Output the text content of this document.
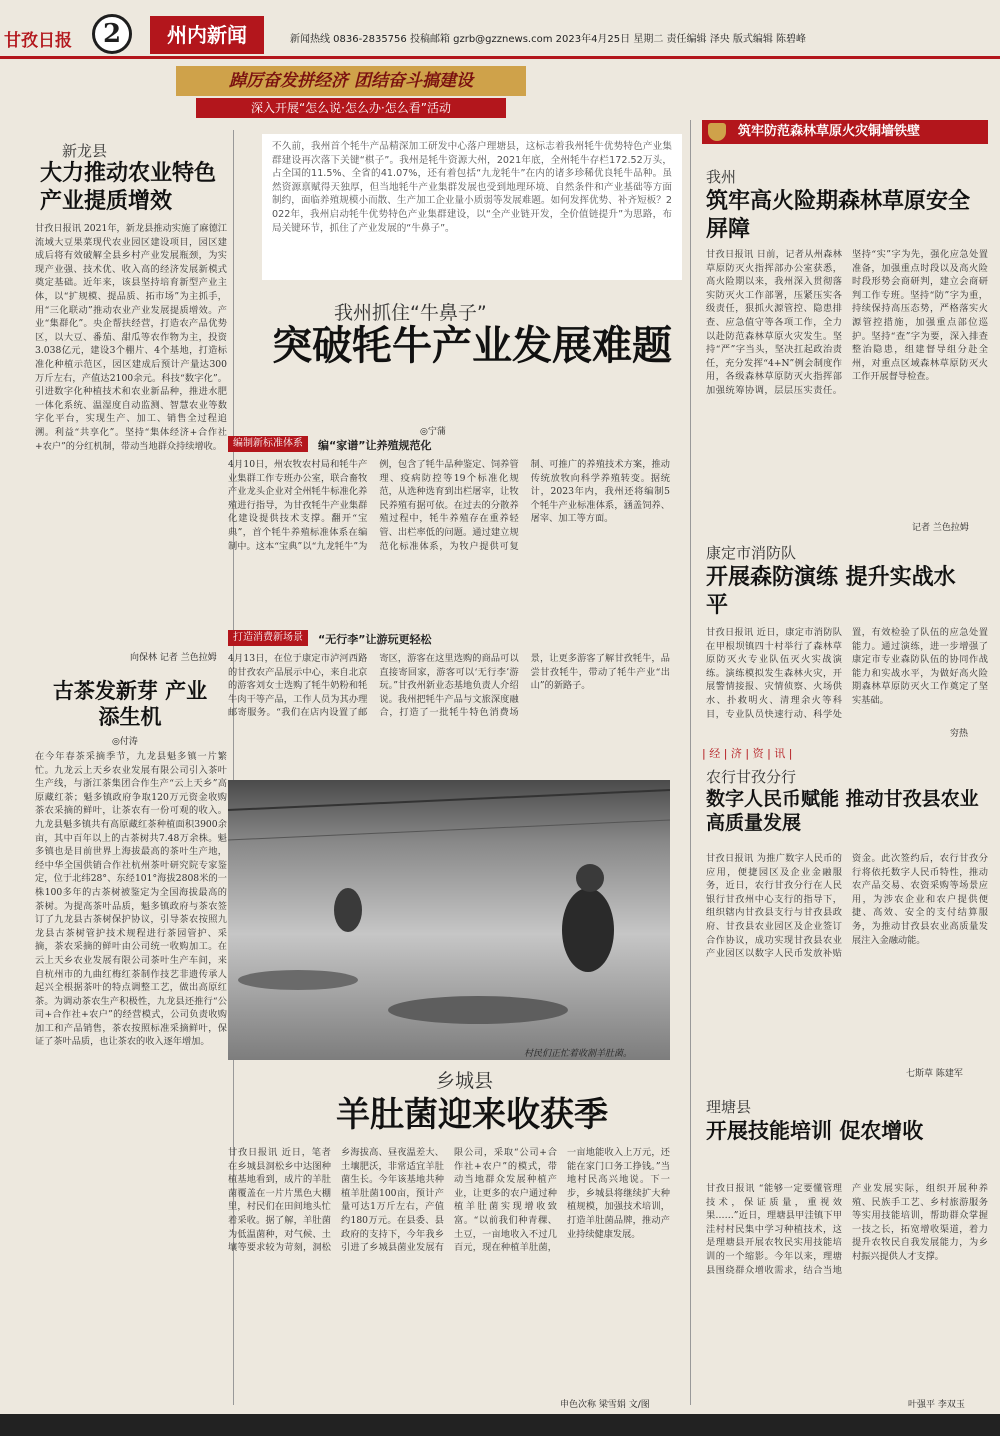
甘孜日报	2	州内新闻	新闻热线 0836-2835756 投稿邮箱 gzrb@gzznews.com 2023年4月25日 星期二 责任编辑 泽央 版式编辑 陈碧峰
踔厉奋发拼经济 团结奋斗搞建设
深入开展“怎么说·怎么办·怎么看”活动
新龙县
大力推动农业特色产业提质增效
甘孜日报讯 2021年，新龙县推动实施了麻德江流域大豆果菜现代农业园区建设项目，园区建成后将有效破解全县乡村产业发展瓶颈，为实现产业强、技术优、收入高的经济发展新模式奠定基础。近年来，该县坚持培育新型产业主体，以“扩规模、提品质、拓市场”为主抓手，用“三化联动”推动农业产业发展提质增效。产业“集群化”。央企帮扶经营，打造农产品优势区，以大豆、番茄、甜瓜等农作物为主，投资3.038亿元，建设3个棚片、4个基地，打造标准化种植示范区，园区建成后预计产量达300万斤左右，产值达2100余元。科技“数字化”。引进数字化种植技术和农业新品种，推进水肥一体化系统、温湿度自动监测、智慧农业等数字化平台，实现生产、加工、销售全过程追溯。利益“共享化”。坚持“集体经济+合作社+农户”的分红机制，带动当地群众持续增收。
向保林 记者 兰色拉姆
古茶发新芽 产业添生机
◎付涛
在今年春茶采摘季节，九龙县魁多镇一片繁忙。九龙云上天乡农业发展有限公司引入茶叶生产线，与浙江茶集团合作生产“云上天乡”高原藏红茶；魁多镇政府争取120万元资金收购茶农采摘的鲜叶，让茶农有一份可观的收入。九龙县魁多镇共有高原藏红茶种植面积3900余亩，其中百年以上的古茶树共7.48万余株。魁多镇也是目前世界上海拔最高的茶叶生产地，经中华全国供销合作社杭州茶叶研究院专家鉴定，位于北纬28°、东经101°海拔2808米的一株100多年的古茶树被鉴定为全国海拔最高的茶树。为提高茶叶品质，魁多镇政府与茶农签订了九龙县古茶树保护协议，引导茶农按照九龙县古茶树管护技术规程进行茶园管护、采摘，茶农采摘的鲜叶由公司统一收购加工。在云上天乡农业发展有限公司茶叶生产车间，来自杭州市的九曲红梅红茶制作技艺非遗传承人起兴全根据茶叶的特点调整工艺，做出高原红茶。为调动茶农生产积极性，九龙县还推行“公司+合作社+农户”的经营模式，公司负责收购加工和产品销售，茶农按照标准采摘鲜叶，保证了茶叶品质，也让茶农的收入逐年增加。
不久前，我州首个牦牛产品精深加工研发中心落户理塘县，这标志着我州牦牛优势特色产业集群建设再次落下关键“棋子”。我州是牦牛资源大州，2021年底，全州牦牛存栏172.52万头，占全国的11.5%、全省的41.07%，还有着包括“九龙牦牛”在内的诸多珍稀优良牦牛品种。虽然资源禀赋得天独厚，但当地牦牛产业集群发展也受到地理环境、自然条件和产业基础等方面制约，面临养殖规模小而散、生产加工企业量小质弱等发展难题。如何发挥优势、补齐短板？2022年，我州启动牦牛优势特色产业集群建设，以“全产业链开发，全价值链提升”为思路，布局关键环节，抓住了产业发展的“牛鼻子”。
我州抓住“牛鼻子”
突破牦牛产业发展难题
◎宁蒲
编制新标准体系	编“家谱”让养殖规范化
4月10日，州农牧农村局和牦牛产业集群工作专班办公室，联合畜牧产业龙头企业对全州牦牛标准化养殖进行指导，为甘孜牦牛产业集群化建设提供技术支撑。翻开“宝典”，首个牦牛养殖标准体系在编制中。这本“宝典”以“九龙牦牛”为例，包含了牦牛品种鉴定、饲养管理、疫病防控等19个标准化规范，从选种选育到出栏屠宰，让牧民养殖有据可依。在过去的分散养殖过程中，牦牛养殖存在重养轻管、出栏率低的问题。通过建立规范化标准体系，为牧户提供可复制、可推广的养殖技术方案，推动传统放牧向科学养殖转变。据统计，2023年内，我州还将编制5个牦牛产业标准体系，涵盖饲养、屠宰、加工等方面。
打造消费新场景	“无行李”让游玩更轻松
4月13日，在位于康定市泸河西路的甘孜农产品展示中心，来自北京的游客刘女士选购了牦牛奶粉和牦牛肉干等产品，工作人员为其办理邮寄服务。“我们在店内设置了邮寄区，游客在这里选购的商品可以直接寄回家，游客可以‘无行李’游玩。”甘孜州新业态基地负责人介绍说。我州把牦牛产品与文旅深度融合，打造了一批牦牛特色消费场景，让更多游客了解甘孜牦牛，品尝甘孜牦牛，带动了牦牛产业“出山”的新路子。
村民们正忙着收割羊肚菌。
乡城县
羊肚菌迎来收获季
甘孜日报讯 近日，笔者在乡城县洞松乡中达图种植基地看到，成片的羊肚菌覆盖在一片片黑色大棚里，村民们在田间地头忙着采收。据了解，羊肚菌为低温菌种，对气候、土壤等要求较为苛刻，洞松乡海拔高、昼夜温差大、土壤肥沃，非常适宜羊肚菌生长。今年该基地共种植羊肚菌100亩，预计产量可达1万斤左右，产值约180万元。在县委、县政府的支持下，今年我乡引进了乡城县菌业发展有限公司，采取“公司+合作社+农户”的模式，带动当地群众发展种植产业，让更多的农户通过种植羊肚菌实现增收致富。“以前我们种青稞、土豆，一亩地收入不过几百元，现在种植羊肚菌，一亩地能收入上万元，还能在家门口务工挣钱。”当地村民高兴地说。下一步，乡城县将继续扩大种植规模，加强技术培训，打造羊肚菌品牌，推动产业持续健康发展。
申色次称 梁雪娟 文/图
筑牢防范森林草原火灾铜墙铁壁
我州
筑牢高火险期森林草原安全屏障
甘孜日报讯 日前，记者从州森林草原防灭火指挥部办公室获悉，高火险期以来，我州深入贯彻落实防灭火工作部署，压紧压实各级责任，狠抓火源管控、隐患排查、应急值守等各项工作，全力以赴防范森林草原火灾发生。坚持“严”字当头，坚决扛起政治责任，充分发挥“4+N”例会制度作用，各级森林草原防灭火指挥部加强统筹协调，层层压实责任。坚持“实”字为先，强化应急处置准备，加强重点时段以及高火险时段形势会商研判，建立会商研判工作专班。坚持“防”字为重，持续保持高压态势，严格落实火源管控措施，加强重点部位巡护。坚持“查”字为要，深入排查整治隐患，组建督导组分赴全州，对重点区域森林草原防灭火工作开展督导检查。
记者 兰色拉姆
康定市消防队
开展森防演练 提升实战水平
甘孜日报讯 近日，康定市消防队在甲根坝镇四十村举行了森林草原防灭火专业队伍灭火实战演练。演练模拟发生森林火灾，开展警情接报、灾情侦察、火场供水、扑救明火、清理余火等科目，专业队员快速行动、科学处置，有效检验了队伍的应急处置能力。通过演练，进一步增强了康定市专业森防队伍的协同作战能力和实战水平，为做好高火险期森林草原防灭火工作奠定了坚实基础。
穷热
| 经 | 济 | 资 | 讯 |
农行甘孜分行
数字人民币赋能 推动甘孜县农业高质量发展
甘孜日报讯 为推广数字人民币的应用，便捷园区及企业金融服务，近日，农行甘孜分行在人民银行甘孜州中心支行的指导下，组织辖内甘孜县支行与甘孜县政府、甘孜县农业园区及企业签订合作协议，成功实现甘孜县农业产业园区以数字人民币发放补贴资金。此次签约后，农行甘孜分行将依托数字人民币特性，推动农产品交易、农资采购等场景应用，为涉农企业和农户提供便捷、高效、安全的支付结算服务，为推动甘孜县农业高质量发展注入金融动能。
七斯草 陈建军
理塘县
开展技能培训 促农增收
甘孜日报讯 “能够一定要懂管理技术，保证质量，重视效果……”近日，理塘县甲洼镇下甲洼村村民集中学习种植技术，这是理塘县开展农牧民实用技能培训的一个缩影。今年以来，理塘县围绕群众增收需求，结合当地产业发展实际，组织开展种养殖、民族手工艺、乡村旅游服务等实用技能培训，帮助群众掌握一技之长，拓宽增收渠道，着力提升农牧民自我发展能力，为乡村振兴提供人才支撑。
叶强平 李双玉
